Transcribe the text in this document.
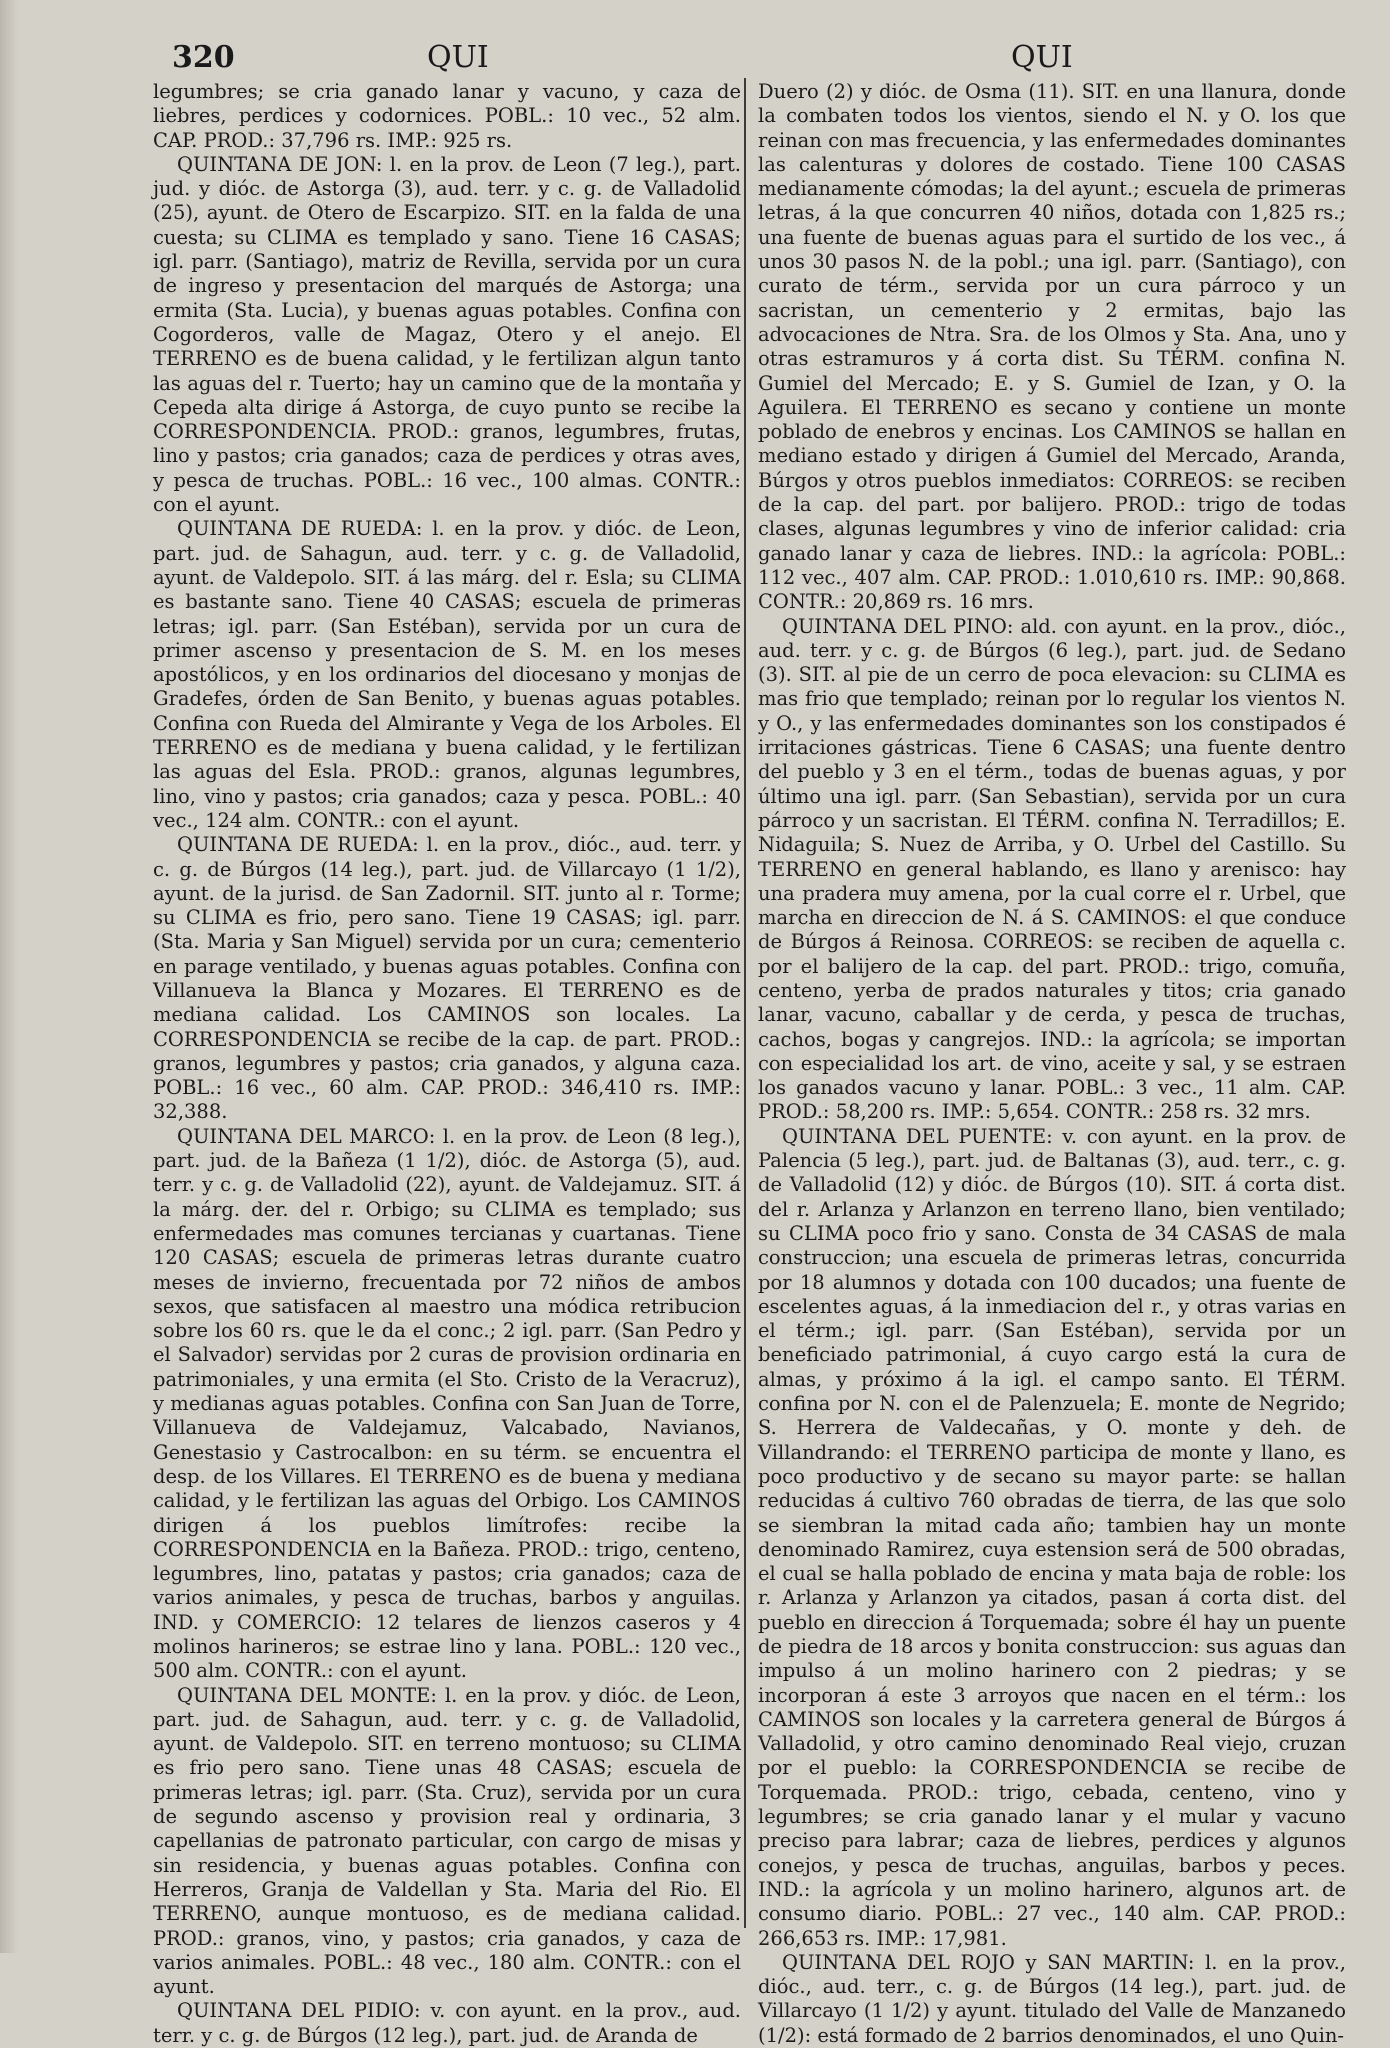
320	QUI	QUI

legumbres; se cria ganado lanar y vacuno, y caza de liebres, perdices y codornices. POBL.: 10 vec., 52 alm. CAP. PROD.: 37,796 rs. IMP.: 925 rs.

QUINTANA DE JON: l. en la prov. de Leon (7 leg.), part. jud. y dióc. de Astorga (3), aud. terr. y c. g. de Valladolid (25), ayunt. de Otero de Escarpizo. SIT. en la falda de una cuesta; su CLIMA es templado y sano. Tiene 16 CASAS; igl. parr. (Santiago), matriz de Revilla, servida por un cura de ingreso y presentacion del marqués de Astorga; una ermita (Sta. Lucia), y buenas aguas potables. Confina con Cogorderos, valle de Magaz, Otero y el anejo. El TERRENO es de buena calidad, y le fertilizan algun tanto las aguas del r. Tuerto; hay un camino que de la montaña y Cepeda alta dirige á Astorga, de cuyo punto se recibe la CORRESPONDENCIA. PROD.: granos, legumbres, frutas, lino y pastos; cria ganados; caza de perdices y otras aves, y pesca de truchas. POBL.: 16 vec., 100 almas. CONTR.: con el ayunt.

QUINTANA DE RUEDA: l. en la prov. y dióc. de Leon, part. jud. de Sahagun, aud. terr. y c. g. de Valladolid, ayunt. de Valdepolo. SIT. á las márg. del r. Esla; su CLIMA es bastante sano. Tiene 40 CASAS; escuela de primeras letras; igl. parr. (San Estéban), servida por un cura de primer ascenso y presentacion de S. M. en los meses apostólicos, y en los ordinarios del diocesano y monjas de Gradefes, órden de San Benito, y buenas aguas potables. Confina con Rueda del Almirante y Vega de los Arboles. El TERRENO es de mediana y buena calidad, y le fertilizan las aguas del Esla. PROD.: granos, algunas legumbres, lino, vino y pastos; cria ganados; caza y pesca. POBL.: 40 vec., 124 alm. CONTR.: con el ayunt.

QUINTANA DE RUEDA: l. en la prov., dióc., aud. terr. y c. g. de Búrgos (14 leg.), part. jud. de Villarcayo (1 1/2), ayunt. de la jurisd. de San Zadornil. SIT. junto al r. Torme; su CLIMA es frio, pero sano. Tiene 19 CASAS; igl. parr. (Sta. Maria y San Miguel) servida por un cura; cementerio en parage ventilado, y buenas aguas potables. Confina con Villanueva la Blanca y Mozares. El TERRENO es de mediana calidad. Los CAMINOS son locales. La CORRESPONDENCIA se recibe de la cap. de part. PROD.: granos, legumbres y pastos; cria ganados, y alguna caza. POBL.: 16 vec., 60 alm. CAP. PROD.: 346,410 rs. IMP.: 32,388.

QUINTANA DEL MARCO: l. en la prov. de Leon (8 leg.), part. jud. de la Bañeza (1 1/2), dióc. de Astorga (5), aud. terr. y c. g. de Valladolid (22), ayunt. de Valdejamuz. SIT. á la márg. der. del r. Orbigo; su CLIMA es templado; sus enfermedades mas comunes tercianas y cuartanas. Tiene 120 CASAS; escuela de primeras letras durante cuatro meses de invierno, frecuentada por 72 niños de ambos sexos, que satisfacen al maestro una módica retribucion sobre los 60 rs. que le da el conc.; 2 igl. parr. (San Pedro y el Salvador) servidas por 2 curas de provision ordinaria en patrimoniales, y una ermita (el Sto. Cristo de la Veracruz), y medianas aguas potables. Confina con San Juan de Torre, Villanueva de Valdejamuz, Valcabado, Navianos, Genestasio y Castrocalbon: en su térm. se encuentra el desp. de los Villares. El TERRENO es de buena y mediana calidad, y le fertilizan las aguas del Orbigo. Los CAMINOS dirigen á los pueblos limítrofes: recibe la CORRESPONDENCIA en la Bañeza. PROD.: trigo, centeno, legumbres, lino, patatas y pastos; cria ganados; caza de varios animales, y pesca de truchas, barbos y anguilas. IND. y COMERCIO: 12 telares de lienzos caseros y 4 molinos harineros; se estrae lino y lana. POBL.: 120 vec., 500 alm. CONTR.: con el ayunt.

QUINTANA DEL MONTE: l. en la prov. y dióc. de Leon, part. jud. de Sahagun, aud. terr. y c. g. de Valladolid, ayunt. de Valdepolo. SIT. en terreno montuoso; su CLIMA es frio pero sano. Tiene unas 48 CASAS; escuela de primeras letras; igl. parr. (Sta. Cruz), servida por un cura de segundo ascenso y provision real y ordinaria, 3 capellanias de patronato particular, con cargo de misas y sin residencia, y buenas aguas potables. Confina con Herreros, Granja de Valdellan y Sta. Maria del Rio. El TERRENO, aunque montuoso, es de mediana calidad. PROD.: granos, vino, y pastos; cria ganados, y caza de varios animales. POBL.: 48 vec., 180 alm. CONTR.: con el ayunt.

QUINTANA DEL PIDIO: v. con ayunt. en la prov., aud. terr. y c. g. de Búrgos (12 leg.), part. jud. de Aranda de

Duero (2) y dióc. de Osma (11). SIT. en una llanura, donde la combaten todos los vientos, siendo el N. y O. los que reinan con mas frecuencia, y las enfermedades dominantes las calenturas y dolores de costado. Tiene 100 CASAS medianamente cómodas; la del ayunt.; escuela de primeras letras, á la que concurren 40 niños, dotada con 1,825 rs.; una fuente de buenas aguas para el surtido de los vec., á unos 30 pasos N. de la pobl.; una igl. parr. (Santiago), con curato de térm., servida por un cura párroco y un sacristan, un cementerio y 2 ermitas, bajo las advocaciones de Ntra. Sra. de los Olmos y Sta. Ana, uno y otras estramuros y á corta dist. Su TÉRM. confina N. Gumiel del Mercado; E. y S. Gumiel de Izan, y O. la Aguilera. El TERRENO es secano y contiene un monte poblado de enebros y encinas. Los CAMINOS se hallan en mediano estado y dirigen á Gumiel del Mercado, Aranda, Búrgos y otros pueblos inmediatos: CORREOS: se reciben de la cap. del part. por balijero. PROD.: trigo de todas clases, algunas legumbres y vino de inferior calidad: cria ganado lanar y caza de liebres. IND.: la agrícola: POBL.: 112 vec., 407 alm. CAP. PROD.: 1.010,610 rs. IMP.: 90,868. CONTR.: 20,869 rs. 16 mrs.

QUINTANA DEL PINO: ald. con ayunt. en la prov., dióc., aud. terr. y c. g. de Búrgos (6 leg.), part. jud. de Sedano (3). SIT. al pie de un cerro de poca elevacion: su CLIMA es mas frio que templado; reinan por lo regular los vientos N. y O., y las enfermedades dominantes son los constipados é irritaciones gástricas. Tiene 6 CASAS; una fuente dentro del pueblo y 3 en el térm., todas de buenas aguas, y por último una igl. parr. (San Sebastian), servida por un cura párroco y un sacristan. El TÉRM. confina N. Terradillos; E. Nidaguila; S. Nuez de Arriba, y O. Urbel del Castillo. Su TERRENO en general hablando, es llano y arenisco: hay una pradera muy amena, por la cual corre el r. Urbel, que marcha en direccion de N. á S. CAMINOS: el que conduce de Búrgos á Reinosa. CORREOS: se reciben de aquella c. por el balijero de la cap. del part. PROD.: trigo, comuña, centeno, yerba de prados naturales y titos; cria ganado lanar, vacuno, caballar y de cerda, y pesca de truchas, cachos, bogas y cangrejos. IND.: la agrícola; se importan con especialidad los art. de vino, aceite y sal, y se estraen los ganados vacuno y lanar. POBL.: 3 vec., 11 alm. CAP. PROD.: 58,200 rs. IMP.: 5,654. CONTR.: 258 rs. 32 mrs.

QUINTANA DEL PUENTE: v. con ayunt. en la prov. de Palencia (5 leg.), part. jud. de Baltanas (3), aud. terr., c. g. de Valladolid (12) y dióc. de Búrgos (10). SIT. á corta dist. del r. Arlanza y Arlanzon en terreno llano, bien ventilado; su CLIMA poco frio y sano. Consta de 34 CASAS de mala construccion; una escuela de primeras letras, concurrida por 18 alumnos y dotada con 100 ducados; una fuente de escelentes aguas, á la inmediacion del r., y otras varias en el térm.; igl. parr. (San Estéban), servida por un beneficiado patrimonial, á cuyo cargo está la cura de almas, y próximo á la igl. el campo santo. El TÉRM. confina por N. con el de Palenzuela; E. monte de Negrido; S. Herrera de Valdecañas, y O. monte y deh. de Villandrando: el TERRENO participa de monte y llano, es poco productivo y de secano su mayor parte: se hallan reducidas á cultivo 760 obradas de tierra, de las que solo se siembran la mitad cada año; tambien hay un monte denominado Ramirez, cuya estension será de 500 obradas, el cual se halla poblado de encina y mata baja de roble: los r. Arlanza y Arlanzon ya citados, pasan á corta dist. del pueblo en direccion á Torquemada; sobre él hay un puente de piedra de 18 arcos y bonita construccion: sus aguas dan impulso á un molino harinero con 2 piedras; y se incorporan á este 3 arroyos que nacen en el térm.: los CAMINOS son locales y la carretera general de Búrgos á Valladolid, y otro camino denominado Real viejo, cruzan por el pueblo: la CORRESPONDENCIA se recibe de Torquemada. PROD.: trigo, cebada, centeno, vino y legumbres; se cria ganado lanar y el mular y vacuno preciso para labrar; caza de liebres, perdices y algunos conejos, y pesca de truchas, anguilas, barbos y peces. IND.: la agrícola y un molino harinero, algunos art. de consumo diario. POBL.: 27 vec., 140 alm. CAP. PROD.: 266,653 rs. IMP.: 17,981.

QUINTANA DEL ROJO y SAN MARTIN: l. en la prov., dióc., aud. terr., c. g. de Búrgos (14 leg.), part. jud. de Villarcayo (1 1/2) y ayunt. titulado del Valle de Manzanedo (1/2): está formado de 2 barrios denominados, el uno Quin-
